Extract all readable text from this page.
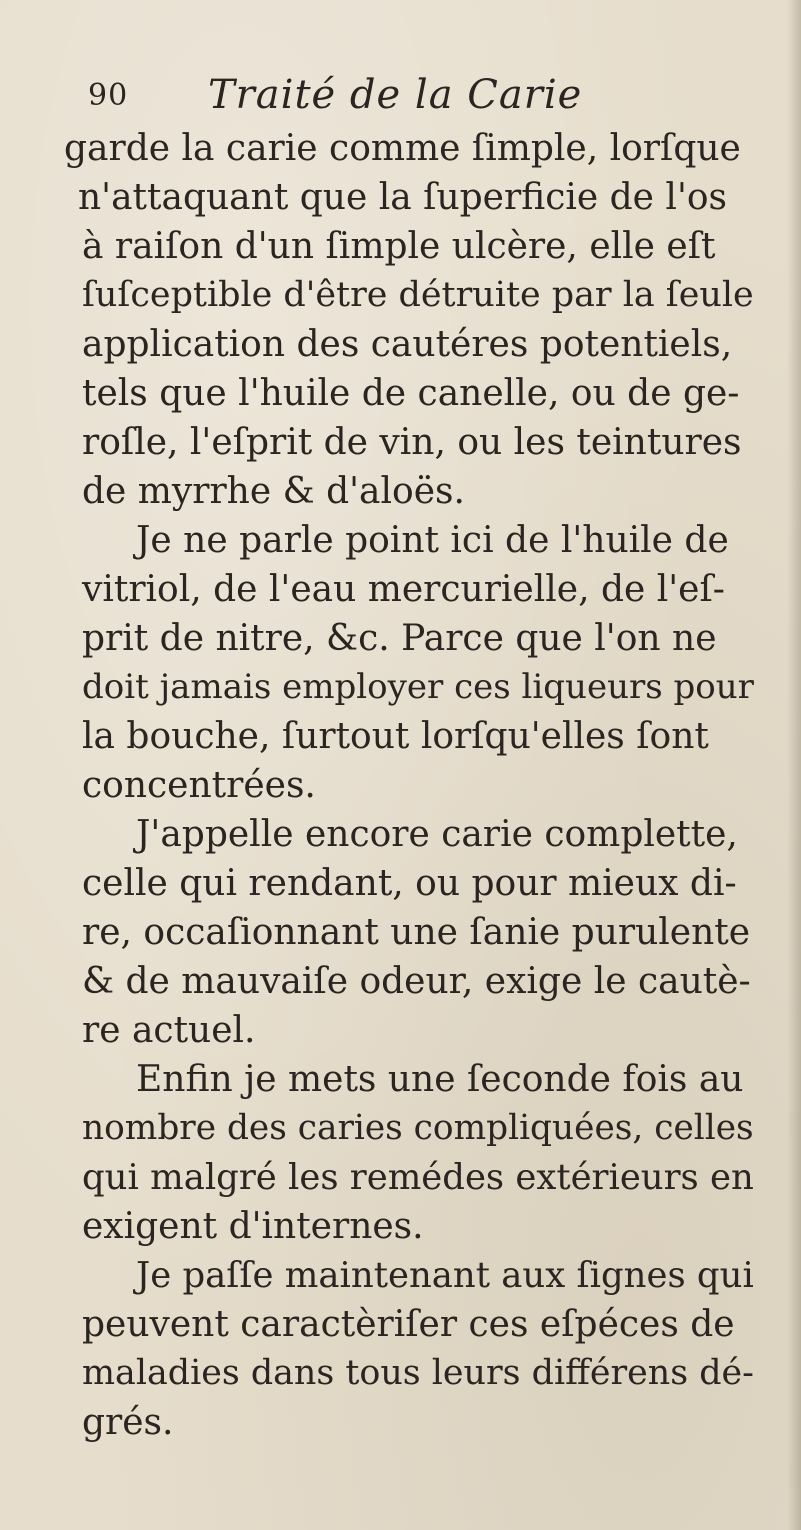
90 Traité de la Carie
garde la carie comme ſimple, lorſque
n'attaquant que la ſuperficie de l'os
à raiſon d'un ſimple ulcère, elle eſt
ſuſceptible d'être détruite par la ſeule
application des cautéres potentiels,
tels que l'huile de canelle, ou de ge-
roſle, l'eſprit de vin, ou les teintures
de myrrhe & d'aloës.
Je ne parle point ici de l'huile de
vitriol, de l'eau mercurielle, de l'eſ-
prit de nitre, &c. Parce que l'on ne
doit jamais employer ces liqueurs pour
la bouche, ſurtout lorſqu'elles ſont
concentrées.
J'appelle encore carie complette,
celle qui rendant, ou pour mieux di-
re, occaſionnant une ſanie purulente
& de mauvaiſe odeur, exige le cautè-
re actuel.
Enfin je mets une ſeconde fois au
nombre des caries compliquées, celles
qui malgré les remédes extérieurs en
exigent d'internes.
Je paſſe maintenant aux ſignes qui
peuvent caractèriſer ces eſpéces de
maladies dans tous leurs différens dé-
grés.
